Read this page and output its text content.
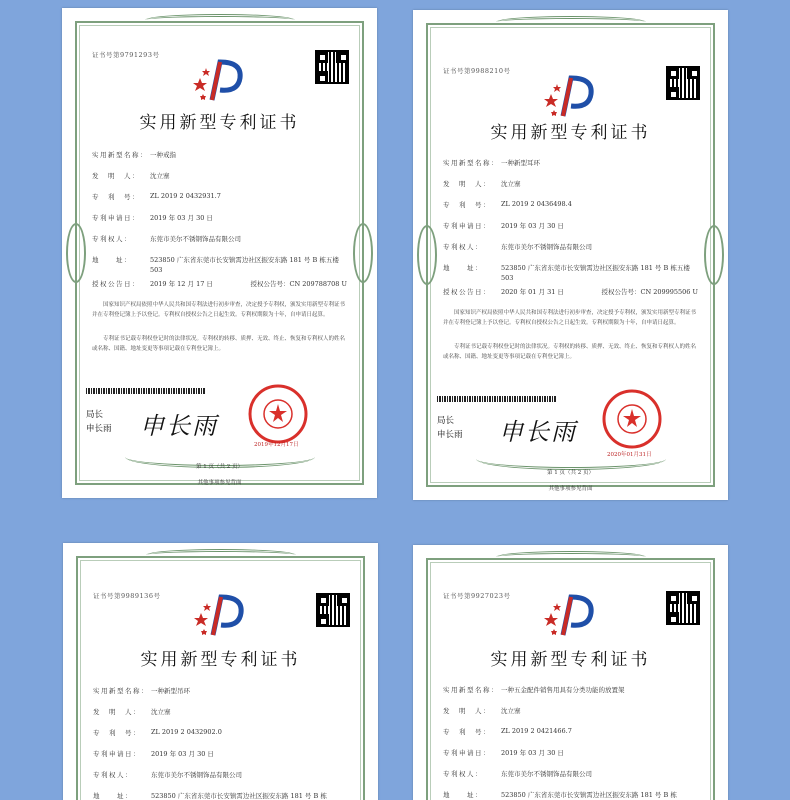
证书号第9791293号
实用新型专利证书
实用新型名称： 一种戒指
发　明　人：	沈立寨
专　利　号：	ZL 2019 2 0432931.7
专利申请日：	2019 年 03 月 30 日
专利权人：	东莞市美尔不锈钢饰品有限公司
地　　址：	523850 广东省东莞市长安镇霄边社区振安东路 181 号 B 栋五楼 503
授权公告日：	2019 年 12 月 17 日	授权公告号：CN 209788708 U

国家知识产权局依照中华人民共和国专利法进行初步审查，决定授予专利权，颁发实用新型专利证书并在专利登记簿上予以登记。专利权自授权公告之日起生效。专利权期限为十年，自申请日起算。

专利证书记载专利权登记时的法律状况。专利权的转移、质押、无效、终止、恢复和专利权人的姓名或名称、国籍、地址变更等事项记载在专利登记簿上。

局长
申长雨 申长雨
2019年12月17日
第 1 页（共 2 页）
其他事项参见背面
证书号第9988210号
实用新型专利证书
实用新型名称： 一种新型耳环
发　明　人：	沈立寨
专　利　号：	ZL 2019 2 0436498.4
专利申请日：	2019 年 03 月 30 日
专利权人：	东莞市美尔不锈钢饰品有限公司
地　　址：	523850 广东省东莞市长安镇霄边社区振安东路 181 号 B 栋五楼 503
授权公告日：	2020 年 01 月 31 日	授权公告号：CN 209995506 U

国家知识产权局依照中华人民共和国专利法进行初步审查，决定授予专利权，颁发实用新型专利证书并在专利登记簿上予以登记。专利权自授权公告之日起生效。专利权期限为十年，自申请日起算。

专利证书记载专利权登记时的法律状况。专利权的转移、质押、无效、终止、恢复和专利权人的姓名或名称、国籍、地址变更等事项记载在专利登记簿上。

局长
申长雨 申长雨
2020年01月31日
第 1 页（共 2 页）
其他事项参见背面
证书号第9989136号
实用新型专利证书
实用新型名称： 一种新型吊环
发　明　人：	沈立寨
专　利　号：	ZL 2019 2 0432902.0
专利申请日：	2019 年 03 月 30 日
专利权人：	东莞市美尔不锈钢饰品有限公司
地　　址：	523850 广东省东莞市长安镇霄边社区振安东路 181 号 B 栋
证书号第9927023号
实用新型专利证书
实用新型名称： 一种五金配件销售用具有分类功能的放置架
发　明　人：	沈立寨
专　利　号：	ZL 2019 2 0421466.7
专利申请日：	2019 年 03 月 30 日
专利权人：	东莞市美尔不锈钢饰品有限公司
地　　址：	523850 广东省东莞市长安镇霄边社区振安东路 181 号 B 栋
